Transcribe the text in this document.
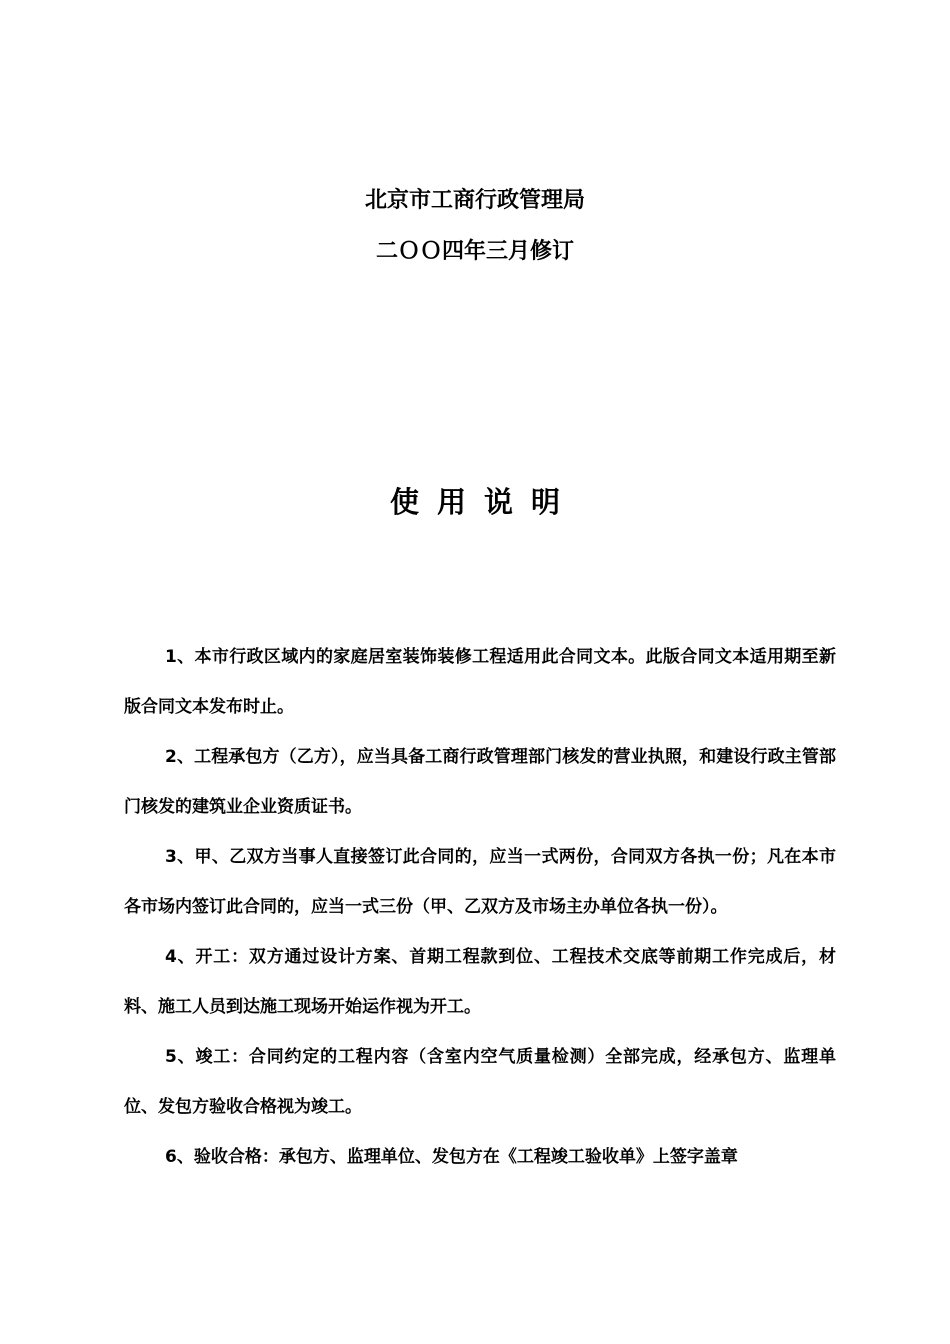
北京市工商行政管理局
二ＯＯ四年三月修订
使用说明

1、本市行政区域内的家庭居室装饰装修工程适用此合同文本。此版合同文本适用期至新版合同文本发布时止。

2、工程承包方（乙方），应当具备工商行政管理部门核发的营业执照，和建设行政主管部门核发的建筑业企业资质证书。

3、甲、乙双方当事人直接签订此合同的，应当一式两份，合同双方各执一份；凡在本市各市场内签订此合同的，应当一式三份（甲、乙双方及市场主办单位各执一份）。

4、开工：双方通过设计方案、首期工程款到位、工程技术交底等前期工作完成后，材料、施工人员到达施工现场开始运作视为开工。

5、竣工：合同约定的工程内容（含室内空气质量检测）全部完成，经承包方、监理单位、发包方验收合格视为竣工。

6、验收合格：承包方、监理单位、发包方在《工程竣工验收单》上签字盖章
